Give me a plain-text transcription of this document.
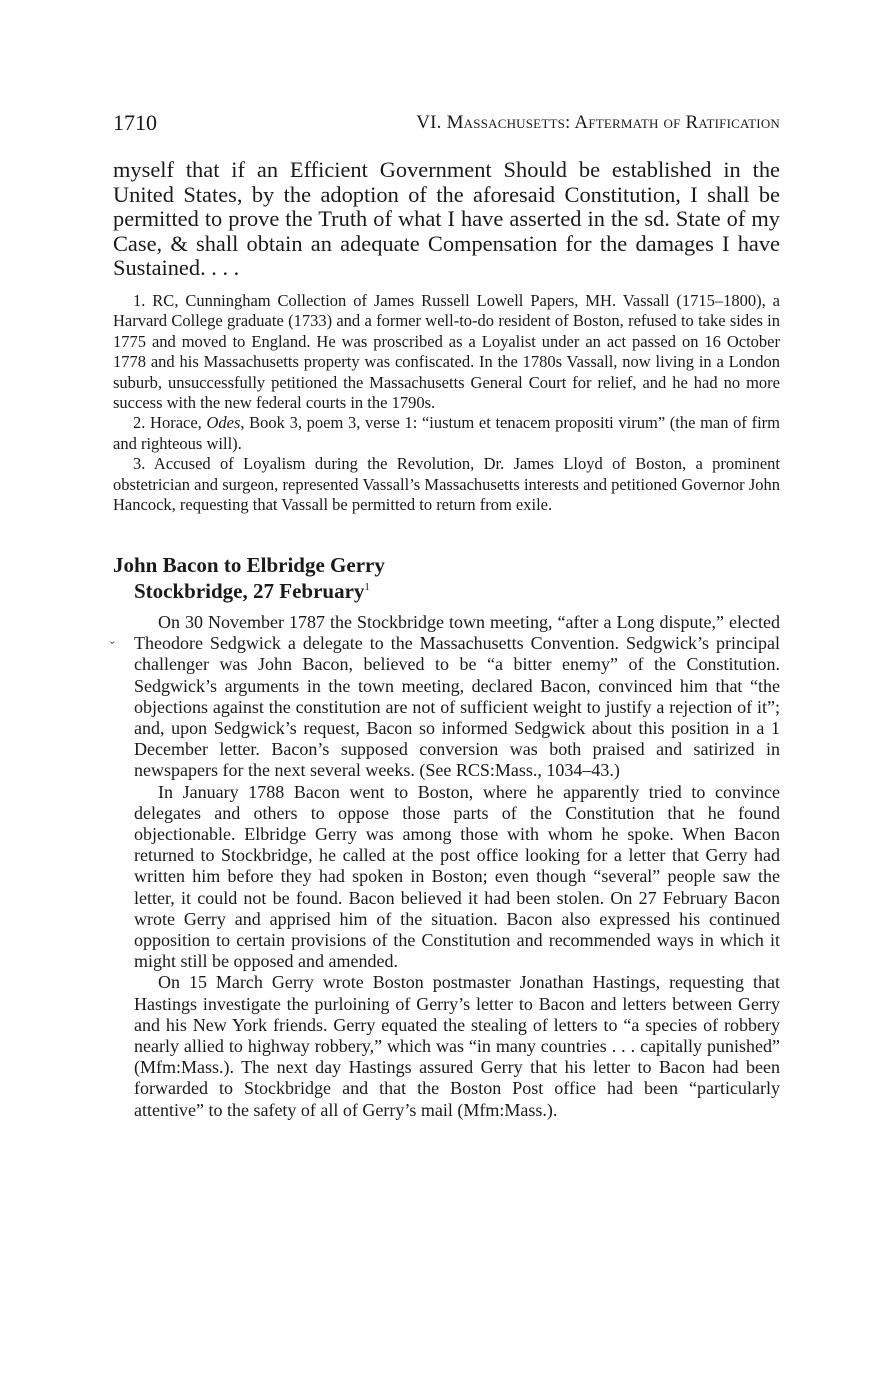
1710	VI. Massachusetts: Aftermath of Ratification

myself that if an Efficient Government Should be established in the United States, by the adoption of the aforesaid Constitution, I shall be permitted to prove the Truth of what I have asserted in the sd. State of my Case, & shall obtain an adequate Compensation for the damages I have Sustained. . . .

1. RC, Cunningham Collection of James Russell Lowell Papers, MH. Vassall (1715–1800), a Harvard College graduate (1733) and a former well-to-do resident of Boston, refused to take sides in 1775 and moved to England. He was proscribed as a Loyalist under an act passed on 16 October 1778 and his Massachusetts property was confiscated. In the 1780s Vassall, now living in a London suburb, unsuccessfully petitioned the Massachusetts General Court for relief, and he had no more success with the new federal courts in the 1790s.

2. Horace, Odes, Book 3, poem 3, verse 1: “iustum et tenacem propositi virum” (the man of firm and righteous will).

3. Accused of Loyalism during the Revolution, Dr. James Lloyd of Boston, a prominent obstetrician and surgeon, represented Vassall’s Massachusetts interests and petitioned Governor John Hancock, requesting that Vassall be permitted to return from exile.

John Bacon to Elbridge Gerry
Stockbridge, 27 February$^1$
ˇ

On 30 November 1787 the Stockbridge town meeting, “after a Long dispute,” elected Theodore Sedgwick a delegate to the Massachusetts Convention. Sedgwick’s principal challenger was John Bacon, believed to be “a bitter enemy” of the Constitution. Sedgwick’s arguments in the town meeting, declared Bacon, convinced him that “the objections against the constitution are not of sufficient weight to justify a rejection of it”; and, upon Sedgwick’s request, Bacon so informed Sedgwick about this position in a 1 December letter. Bacon’s supposed conversion was both praised and satirized in newspapers for the next several weeks. (See RCS:Mass., 1034–43.)

In January 1788 Bacon went to Boston, where he apparently tried to convince delegates and others to oppose those parts of the Constitution that he found objectionable. Elbridge Gerry was among those with whom he spoke. When Bacon returned to Stockbridge, he called at the post office looking for a letter that Gerry had written him before they had spoken in Boston; even though “several” people saw the letter, it could not be found. Bacon believed it had been stolen. On 27 February Bacon wrote Gerry and apprised him of the situation. Bacon also expressed his continued opposition to certain provisions of the Constitution and recommended ways in which it might still be opposed and amended.

On 15 March Gerry wrote Boston postmaster Jonathan Hastings, requesting that Hastings investigate the purloining of Gerry’s letter to Bacon and letters between Gerry and his New York friends. Gerry equated the stealing of letters to “a species of robbery nearly allied to highway robbery,” which was “in many countries . . . capitally punished” (Mfm:Mass.). The next day Hastings assured Gerry that his letter to Bacon had been forwarded to Stockbridge and that the Boston Post office had been “particularly attentive” to the safety of all of Gerry’s mail (Mfm:Mass.).
